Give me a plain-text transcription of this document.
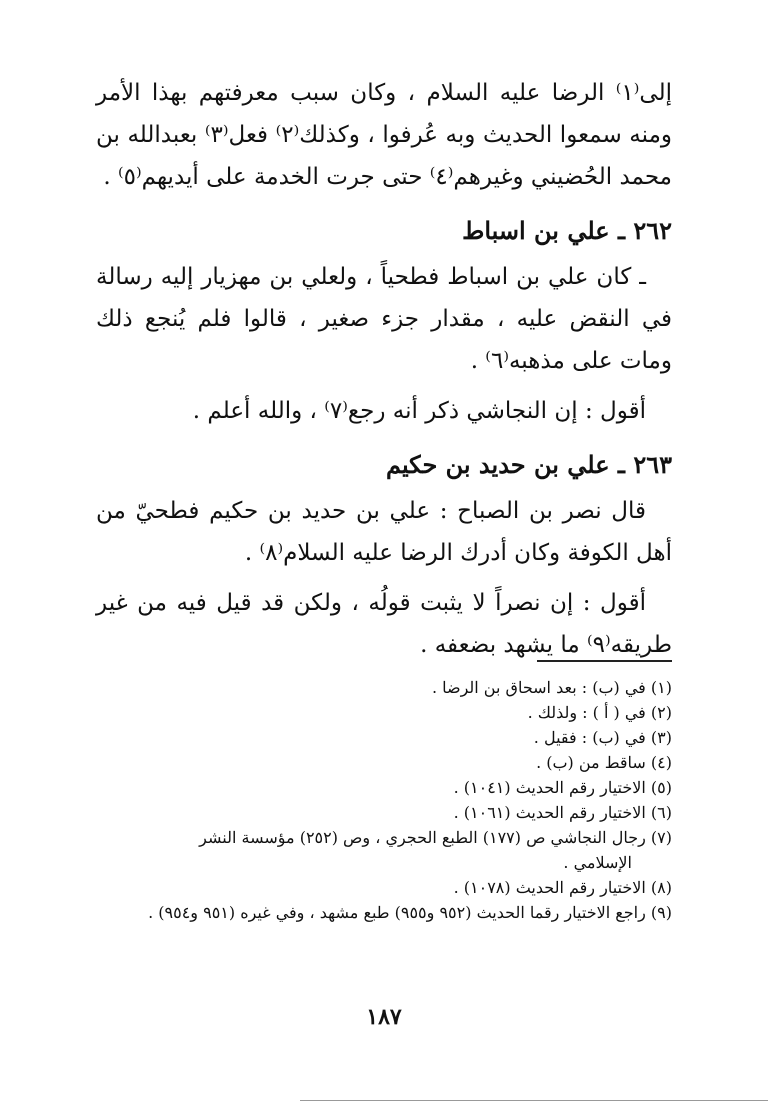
إلى⁽١⁾ الرضا عليه السلام ، وكان سبب معرفتهم بهذا الأمر ومنه سمعوا الحديث وبه عُرفوا ، وكذلك⁽٢⁾ فعل⁽٣⁾ بعبدالله بن محمد الحُضيني وغيرهم⁽٤⁾ حتى جرت الخدمة على أيديهم⁽٥⁾ .

٢٦٢ ـ علي بن اسباط

ـ كان علي بن اسباط فطحياً ، ولعلي بن مهزيار إليه رسالة في النقض عليه ، مقدار جزء صغير ، قالوا فلم يُنجع ذلك ومات على مذهبه⁽٦⁾ .

أقول : إن النجاشي ذكر أنه رجع⁽٧⁾ ، والله أعلم .

٢٦٣ ـ علي بن حديد بن حكيم

قال نصر بن الصباح : علي بن حديد بن حكيم فطحيّ من أهل الكوفة وكان أدرك الرضا عليه السلام⁽٨⁾ .

أقول : إن نصراً لا يثبت قولُه ، ولكن قد قيل فيه من غير طريقه⁽٩⁾ ما يشهد بضعفه .

(١) في (ب) : بعد اسحاق بن الرضا .

(٢) في ( أ ) : ولذلك .

(٣) في (ب) : فقيل .

(٤) ساقط من (ب) .

(٥) الاختيار رقم الحديث (١٠٤١) .

(٦) الاختيار رقم الحديث (١٠٦١) .

(٧) رجال النجاشي ص (١٧٧) الطبع الحجري ، وص (٢٥٢) مؤسسة النشر

الإسلامي .

(٨) الاختيار رقم الحديث (١٠٧٨) .

(٩) راجع الاختيار رقما الحديث (٩٥٢ و٩٥٥) طبع مشهد ، وفي غيره (٩٥١ و٩٥٤) .

١٨٧
